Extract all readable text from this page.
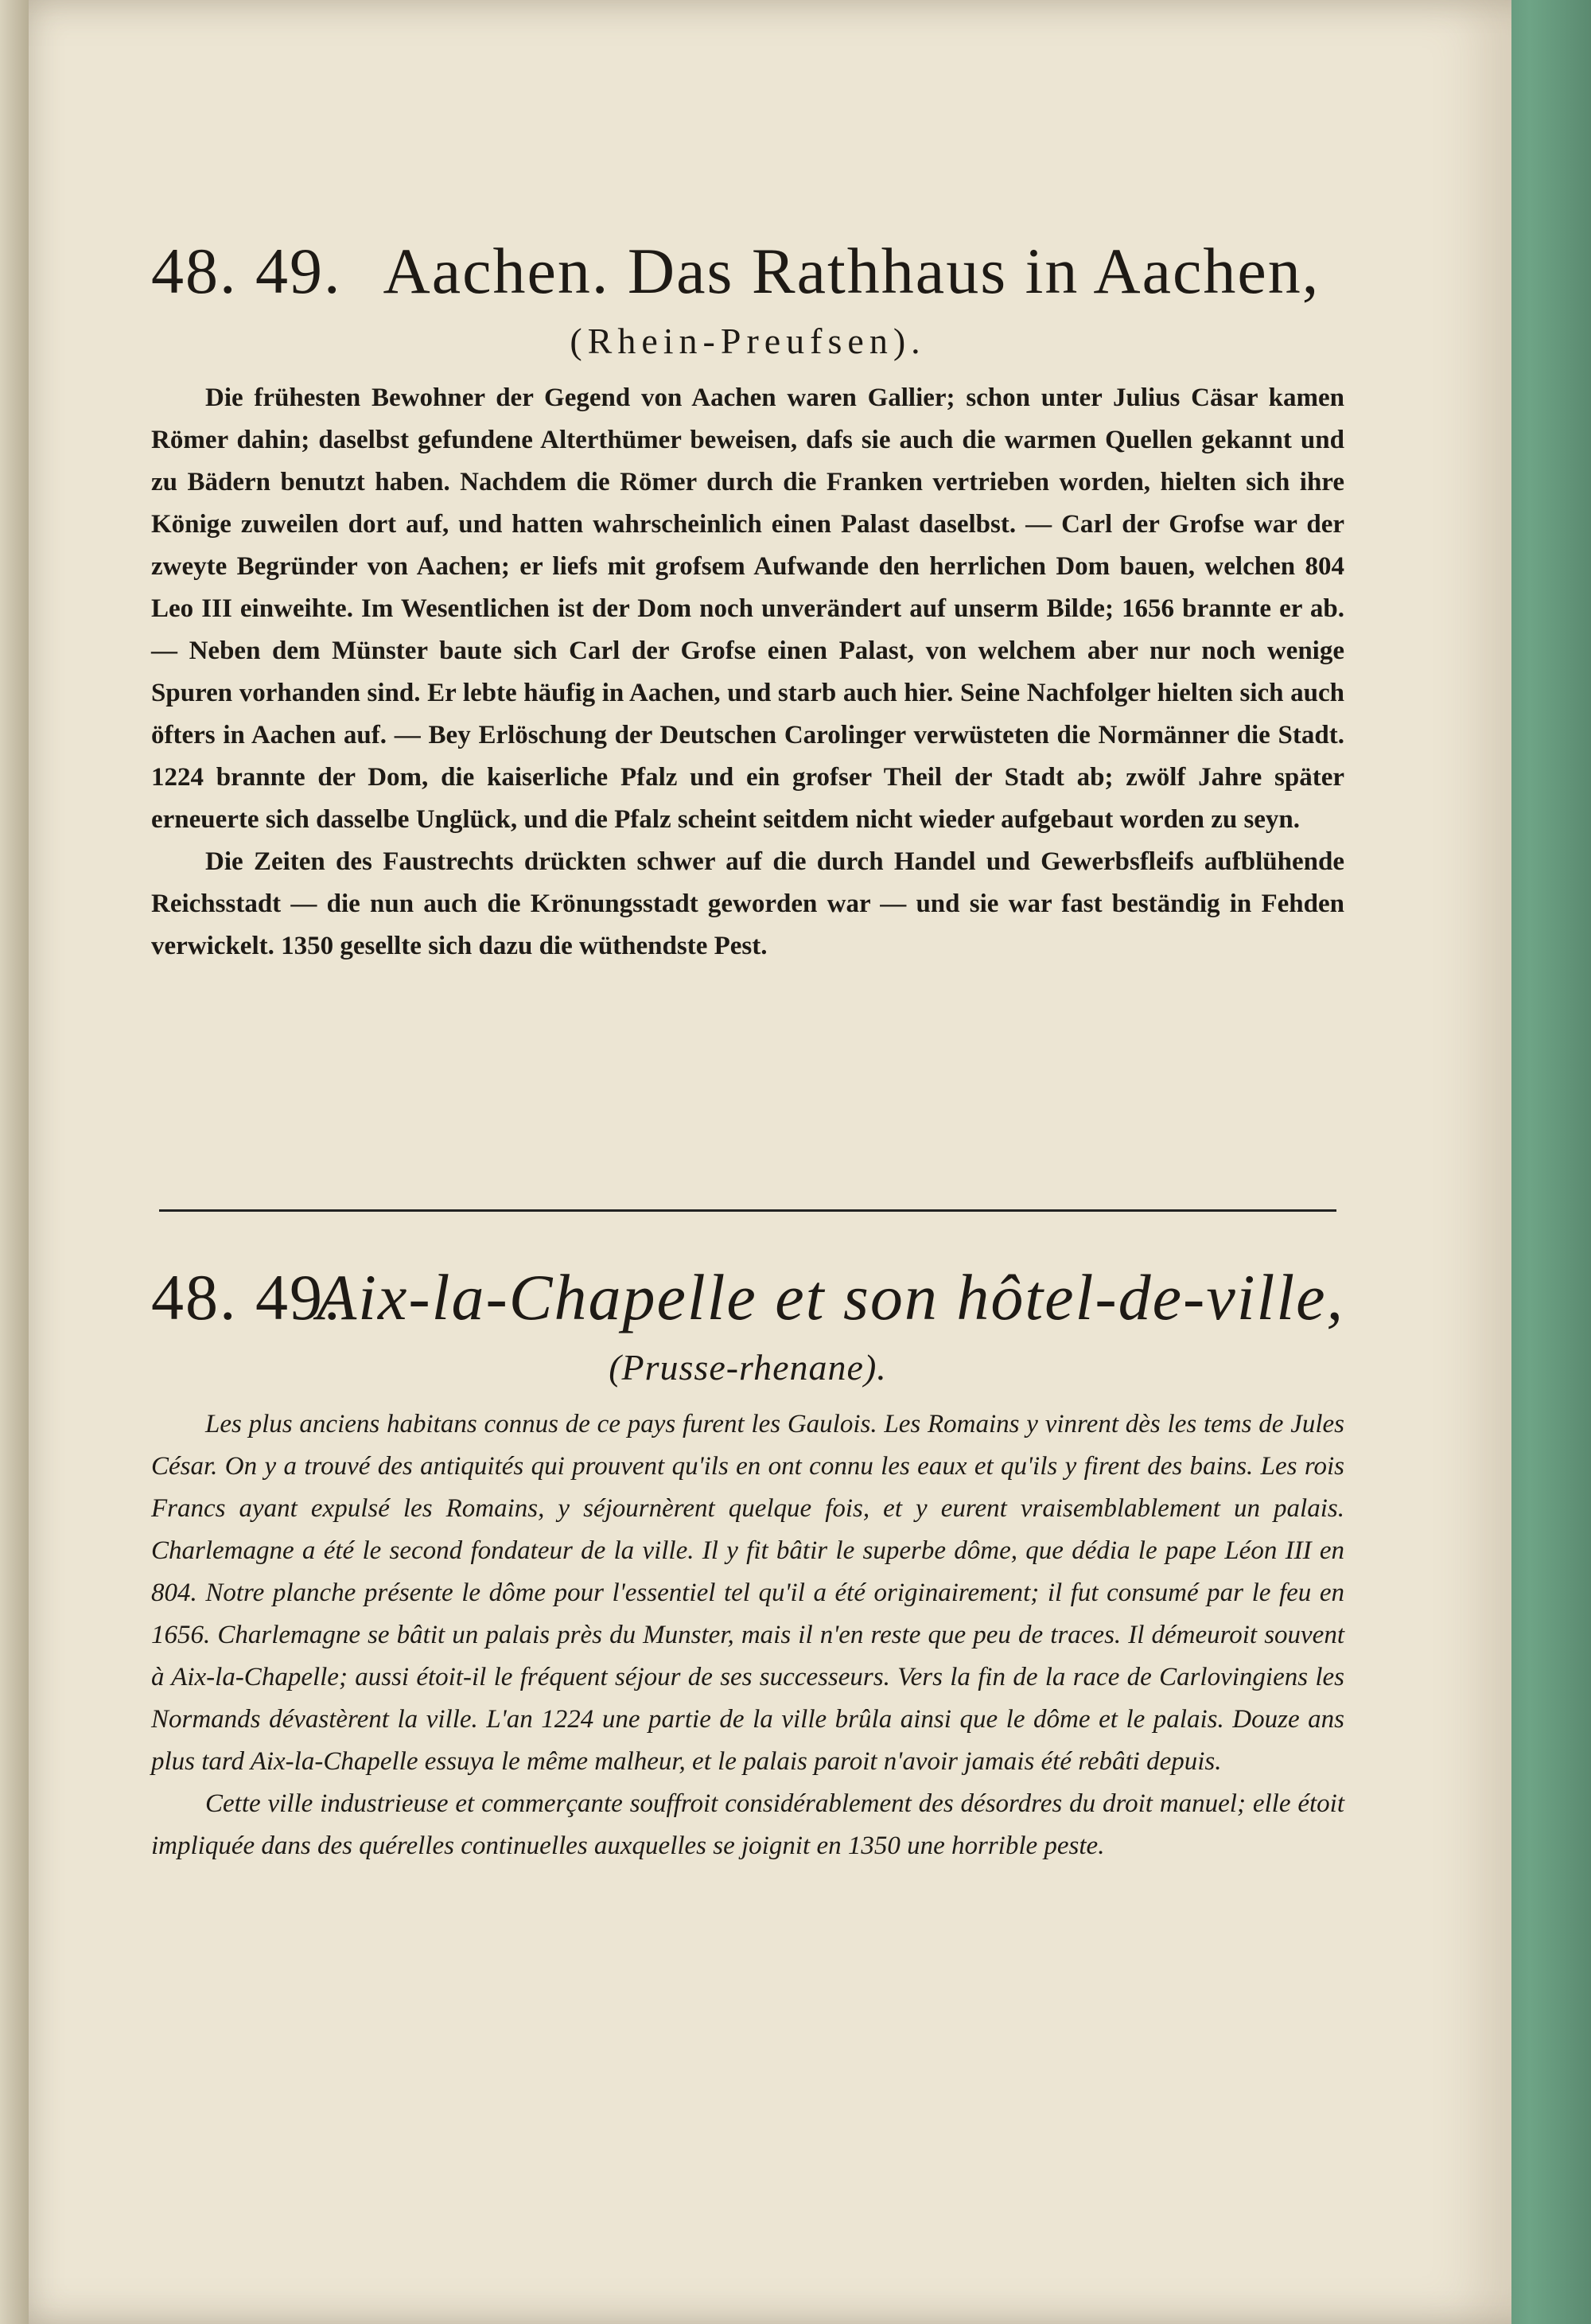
48. 49. Aachen. Das Rathhaus in Aachen,
(Rhein-Preufsen).

Die frühesten Bewohner der Gegend von Aachen waren Gallier; schon unter Julius Cäsar kamen Römer dahin; daselbst gefundene Alterthümer beweisen, dafs sie auch die warmen Quellen gekannt und zu Bädern benutzt haben. Nachdem die Römer durch die Franken vertrieben worden, hielten sich ihre Könige zuweilen dort auf, und hatten wahrscheinlich einen Palast daselbst. — Carl der Grofse war der zweyte Begründer von Aachen; er liefs mit grofsem Aufwande den herrlichen Dom bauen, welchen 804 Leo III einweihte. Im Wesentlichen ist der Dom noch unverändert auf unserm Bilde; 1656 brannte er ab. — Neben dem Münster baute sich Carl der Grofse einen Palast, von welchem aber nur noch wenige Spuren vorhanden sind. Er lebte häufig in Aachen, und starb auch hier. Seine Nachfolger hielten sich auch öfters in Aachen auf. — Bey Erlöschung der Deutschen Carolinger verwüsteten die Normänner die Stadt. 1224 brannte der Dom, die kaiserliche Pfalz und ein grofser Theil der Stadt ab; zwölf Jahre später erneuerte sich dasselbe Unglück, und die Pfalz scheint seitdem nicht wieder aufgebaut worden zu seyn.

Die Zeiten des Faustrechts drückten schwer auf die durch Handel und Gewerbsfleifs aufblühende Reichsstadt — die nun auch die Krönungsstadt geworden war — und sie war fast beständig in Fehden verwickelt. 1350 gesellte sich dazu die wüthendste Pest.

48. 49.
Aix-la-Chapelle et son hôtel-de-ville,
(Prusse-rhenane).

Les plus anciens habitans connus de ce pays furent les Gaulois. Les Romains y vinrent dès les tems de Jules César. On y a trouvé des antiquités qui prouvent qu'ils en ont connu les eaux et qu'ils y firent des bains. Les rois Francs ayant expulsé les Romains, y séjournèrent quelque fois, et y eurent vraisemblablement un palais. Charlemagne a été le second fondateur de la ville. Il y fit bâtir le superbe dôme, que dédia le pape Léon III en 804. Notre planche présente le dôme pour l'essentiel tel qu'il a été originairement; il fut consumé par le feu en 1656. Charlemagne se bâtit un palais près du Munster, mais il n'en reste que peu de traces. Il démeuroit souvent à Aix-la-Chapelle; aussi étoit-il le fréquent séjour de ses successeurs. Vers la fin de la race de Carlovingiens les Normands dévastèrent la ville. L'an 1224 une partie de la ville brûla ainsi que le dôme et le palais. Douze ans plus tard Aix-la-Chapelle essuya le même malheur, et le palais paroit n'avoir jamais été rebâti depuis.

Cette ville industrieuse et commerçante souffroit considérablement des désordres du droit manuel; elle étoit impliquée dans des quérelles continuelles auxquelles se joignit en 1350 une horrible peste.
